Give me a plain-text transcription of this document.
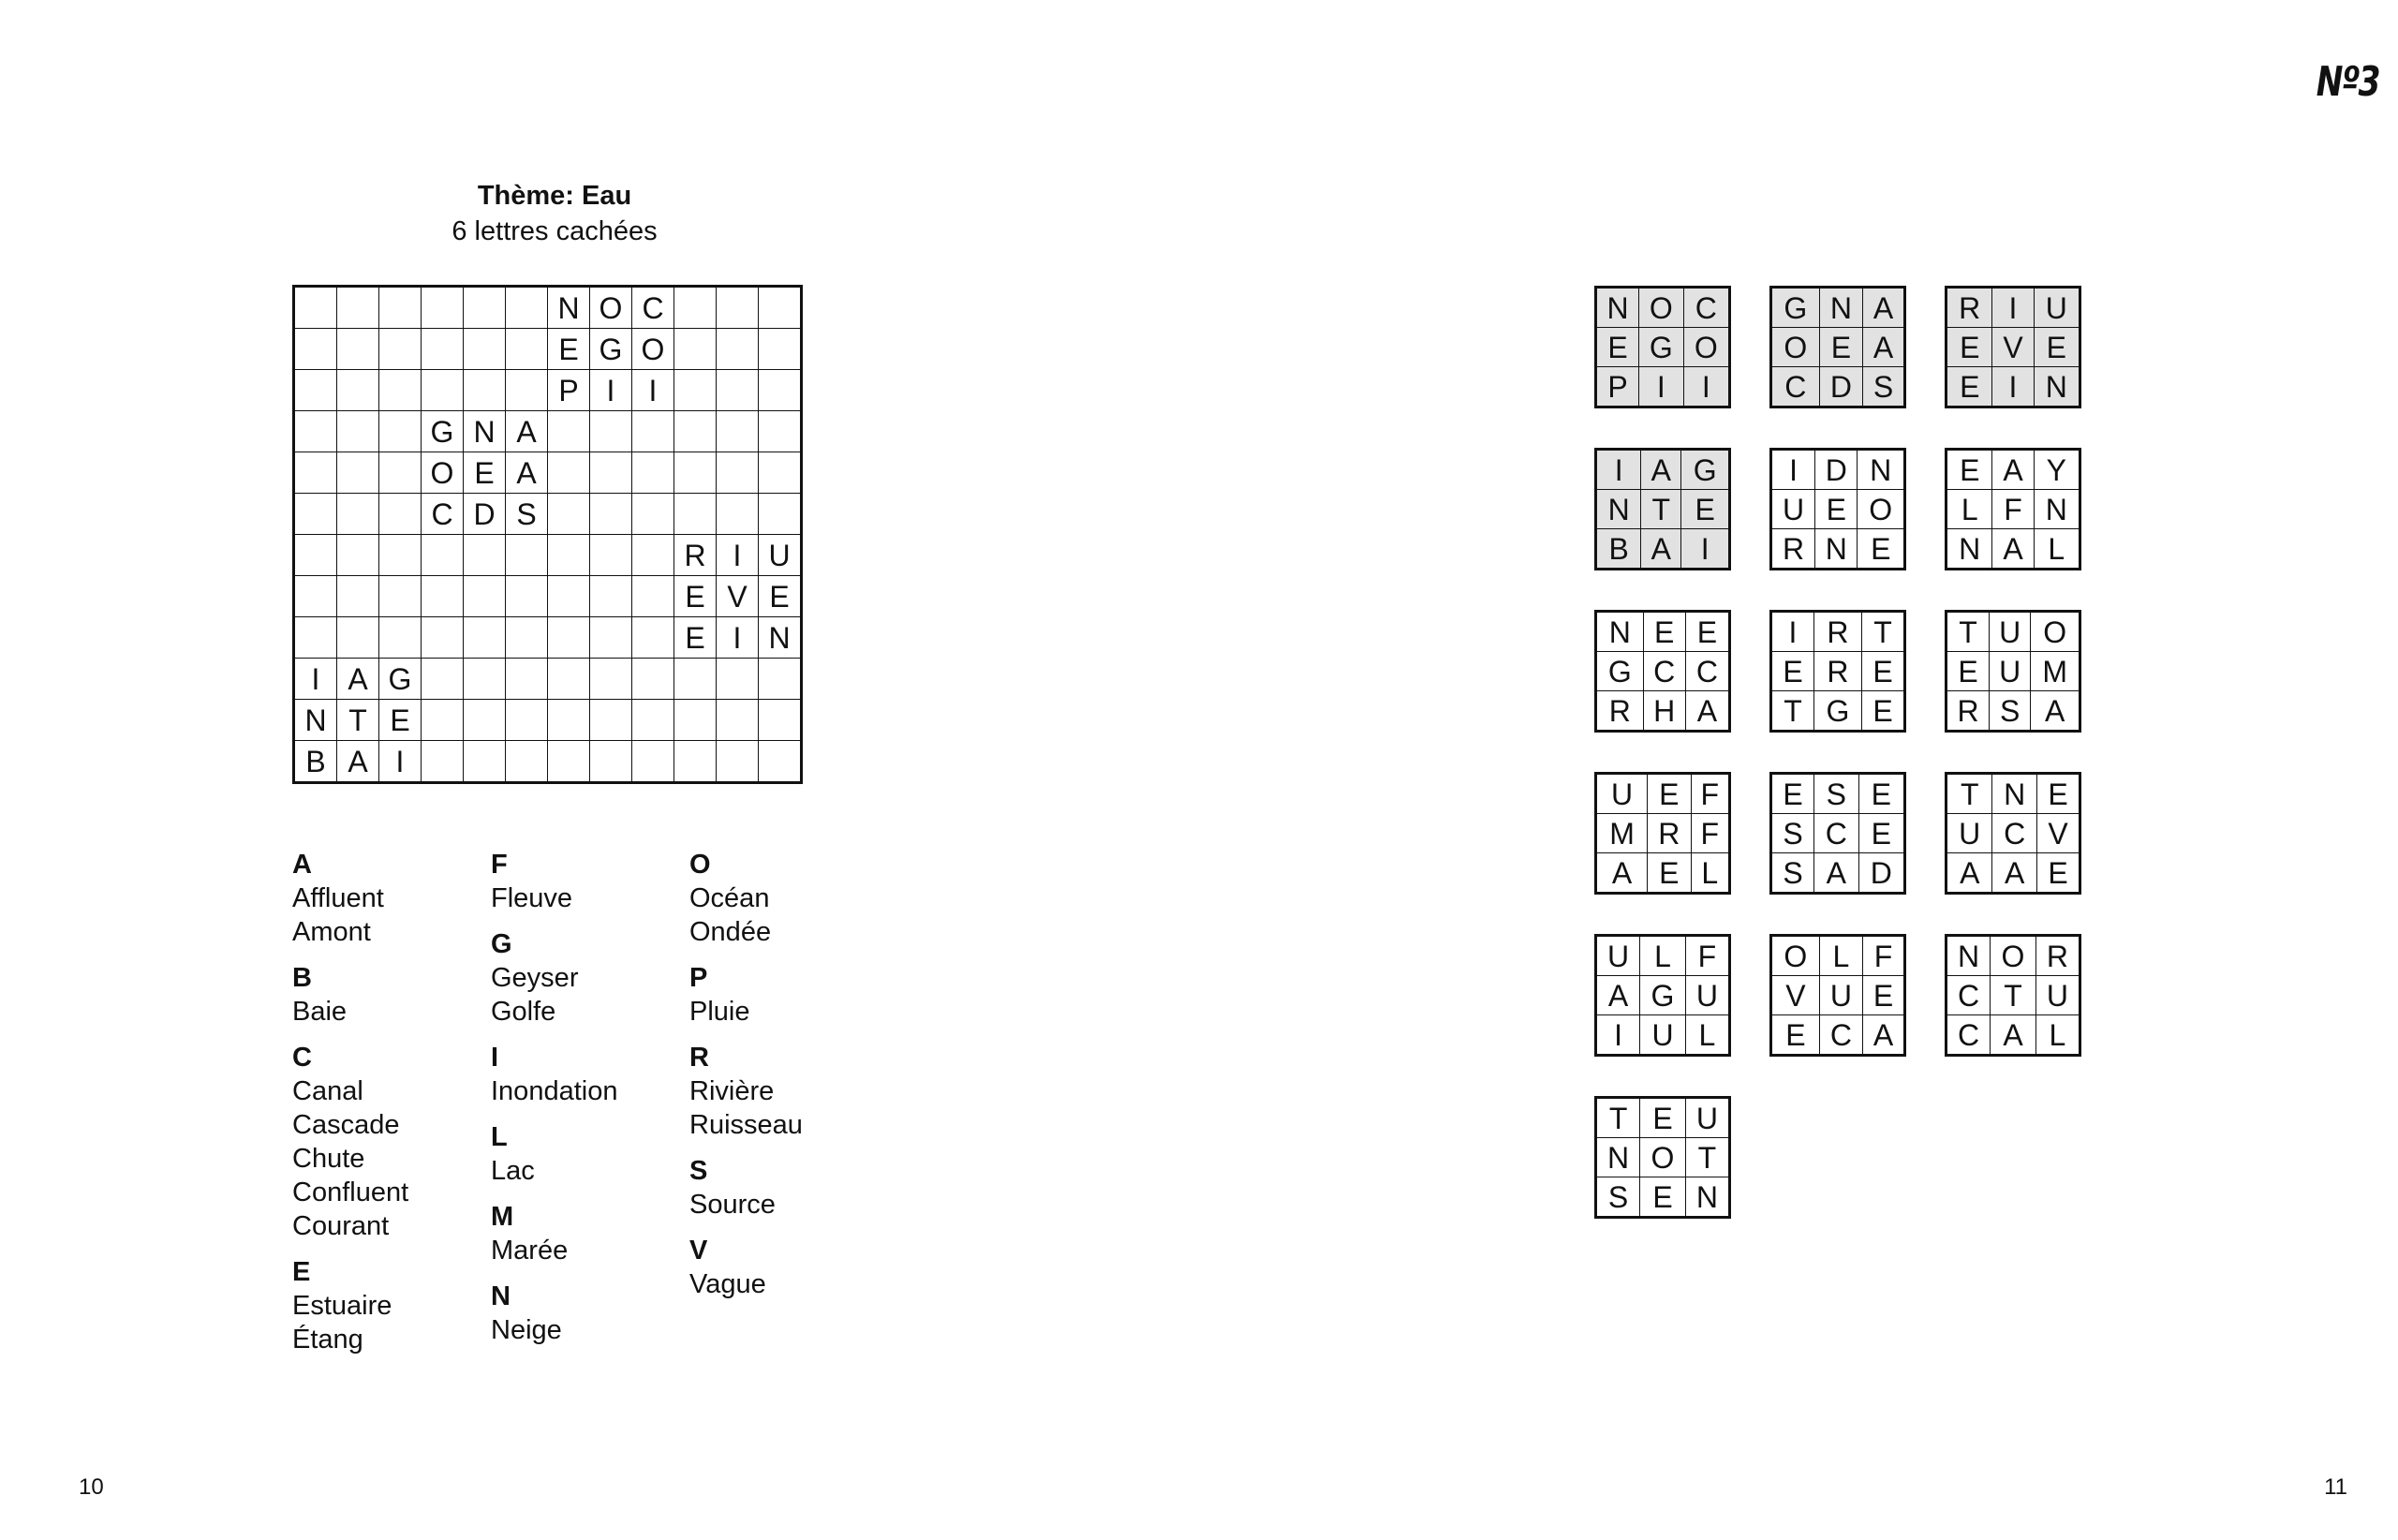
Nº3
Thème: Eau
6 lettres cachées
						N	O	C			
						E	G	O			
						P	I	I			
			G	N	A						
			O	E	A						
			C	D	S						
									R	I	U
									E	V	E
									E	I	N
I	A	G									
N	T	E									
B	A	I									
A
Affluent
Amont
B
Baie
C
Canal
Cascade
Chute
Confluent
Courant
E
Estuaire
Étang
F
Fleuve
G
Geyser
Golfe
I
Inondation
L
Lac
M
Marée
N
Neige
O
Océan
Ondée
P
Pluie
R
Rivière
Ruisseau
S
Source
V
Vague
N	O	C
E	G	O
P	I	I
G	N	A
O	E	A
C	D	S
R	I	U
E	V	E
E	I	N
I	A	G
N	T	E
B	A	I
I	D	N
U	E	O
R	N	E
E	A	Y
L	F	N
N	A	L
N	E	E
G	C	C
R	H	A
I	R	T
E	R	E
T	G	E
T	U	O
E	U	M
R	S	A
U	E	F
M	R	F
A	E	L
E	S	E
S	C	E
S	A	D
T	N	E
U	C	V
A	A	E
U	L	F
A	G	U
I	U	L
O	L	F
V	U	E
E	C	A
N	O	R
C	T	U
C	A	L
T	E	U
N	O	T
S	E	N
10	11
